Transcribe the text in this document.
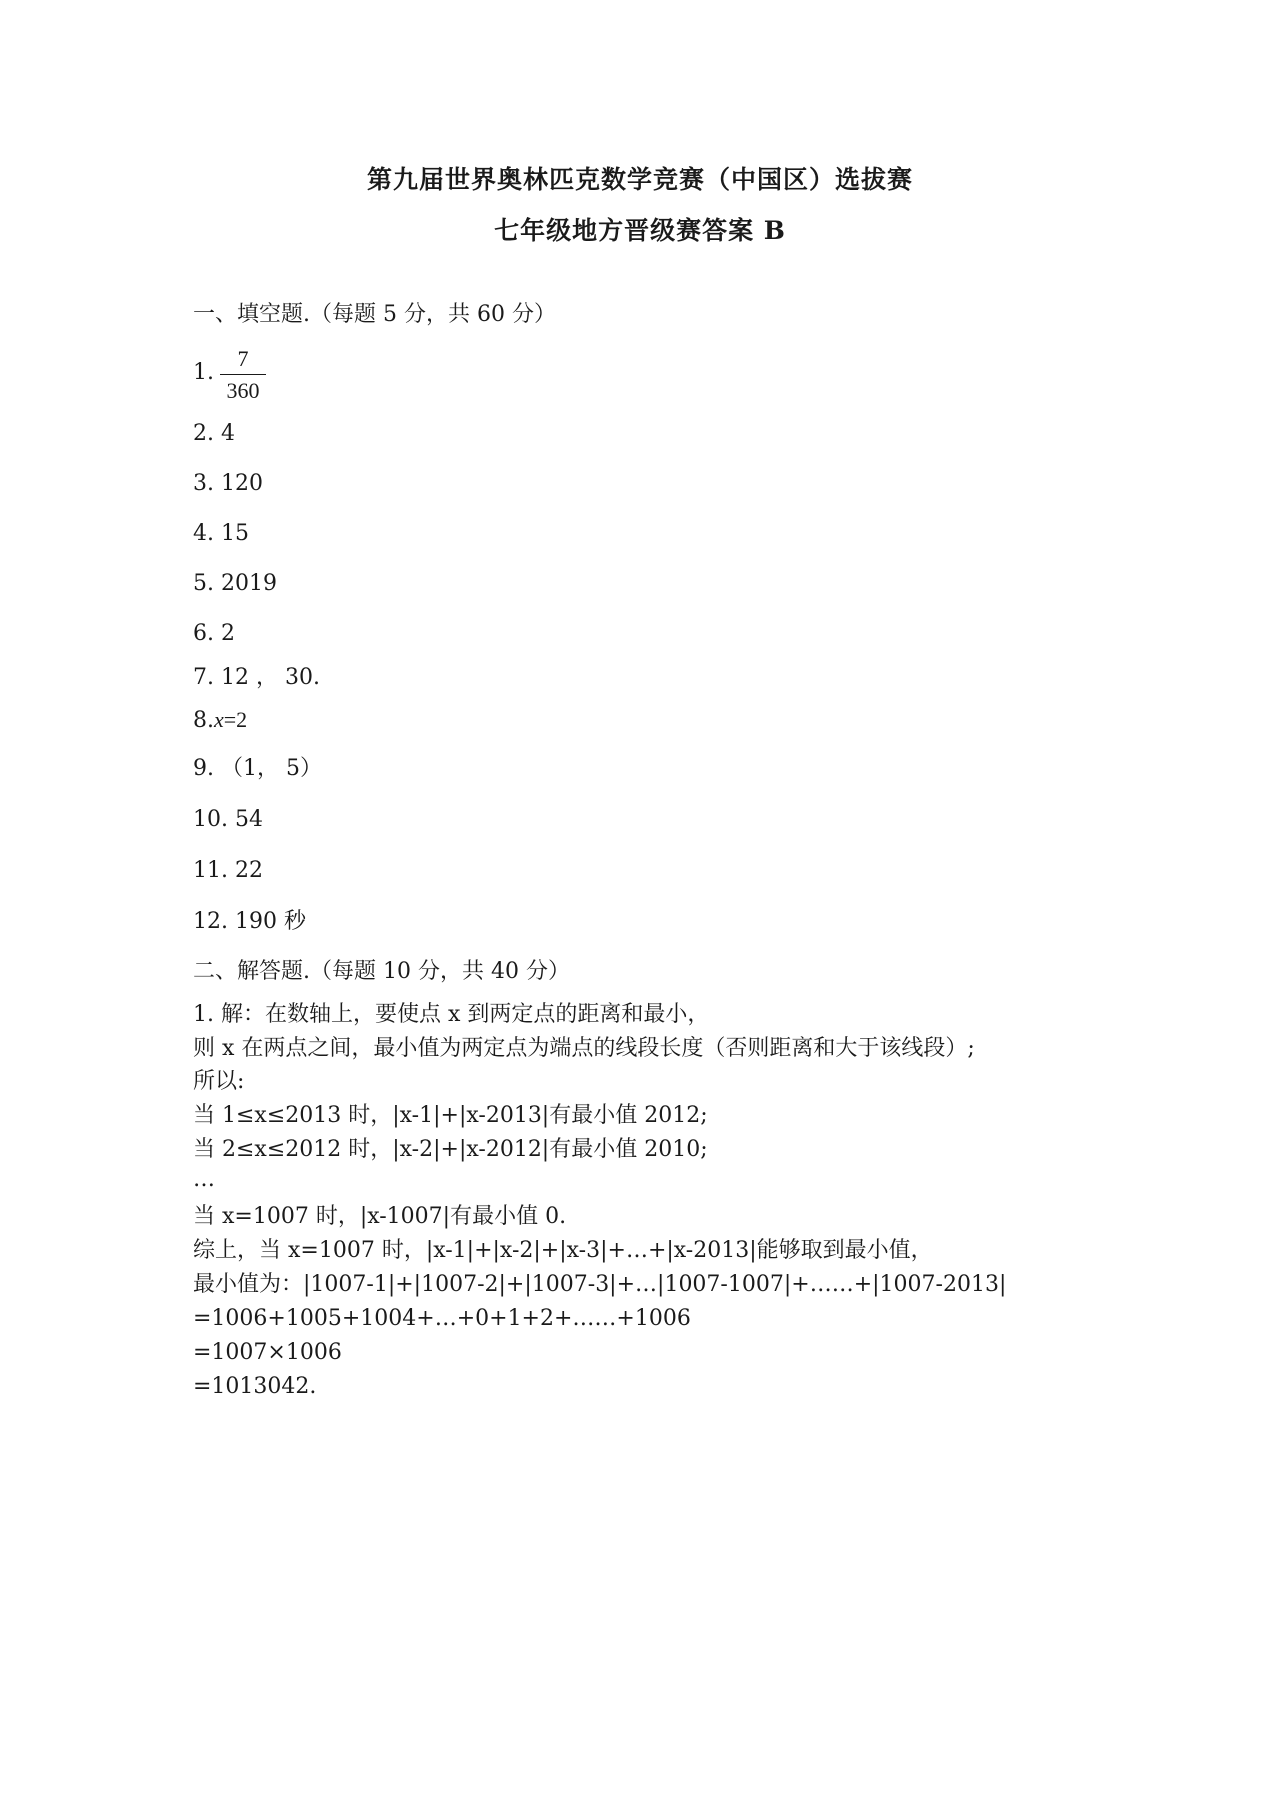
第九届世界奥林匹克数学竞赛（中国区）选拔赛
七年级地方晋级赛答案 B
一、填空题.（每题 5 分，共 60 分）
1.
7
360
2. 4
3. 120
4. 15
5. 2019
6. 2
7. 12 ， 30.
8.x=2
9. （1， 5）
10. 54
11. 22
12. 190 秒
二、解答题.（每题 10 分，共 40 分）
1. 解：在数轴上，要使点 x 到两定点的距离和最小，
则 x 在两点之间，最小值为两定点为端点的线段长度（否则距离和大于该线段）;
所以:
当 1≤x≤2013 时，|x-1|+|x-2013|有最小值 2012;
当 2≤x≤2012 时，|x-2|+|x-2012|有最小值 2010;
…
当 x=1007 时，|x-1007|有最小值 0.
综上，当 x=1007 时，|x-1|+|x-2|+|x-3|+…+|x-2013|能够取到最小值，
最小值为：|1007-1|+|1007-2|+|1007-3|+…|1007-1007|+……+|1007-2013|
=1006+1005+1004+…+0+1+2+……+1006
=1007×1006
=1013042.
